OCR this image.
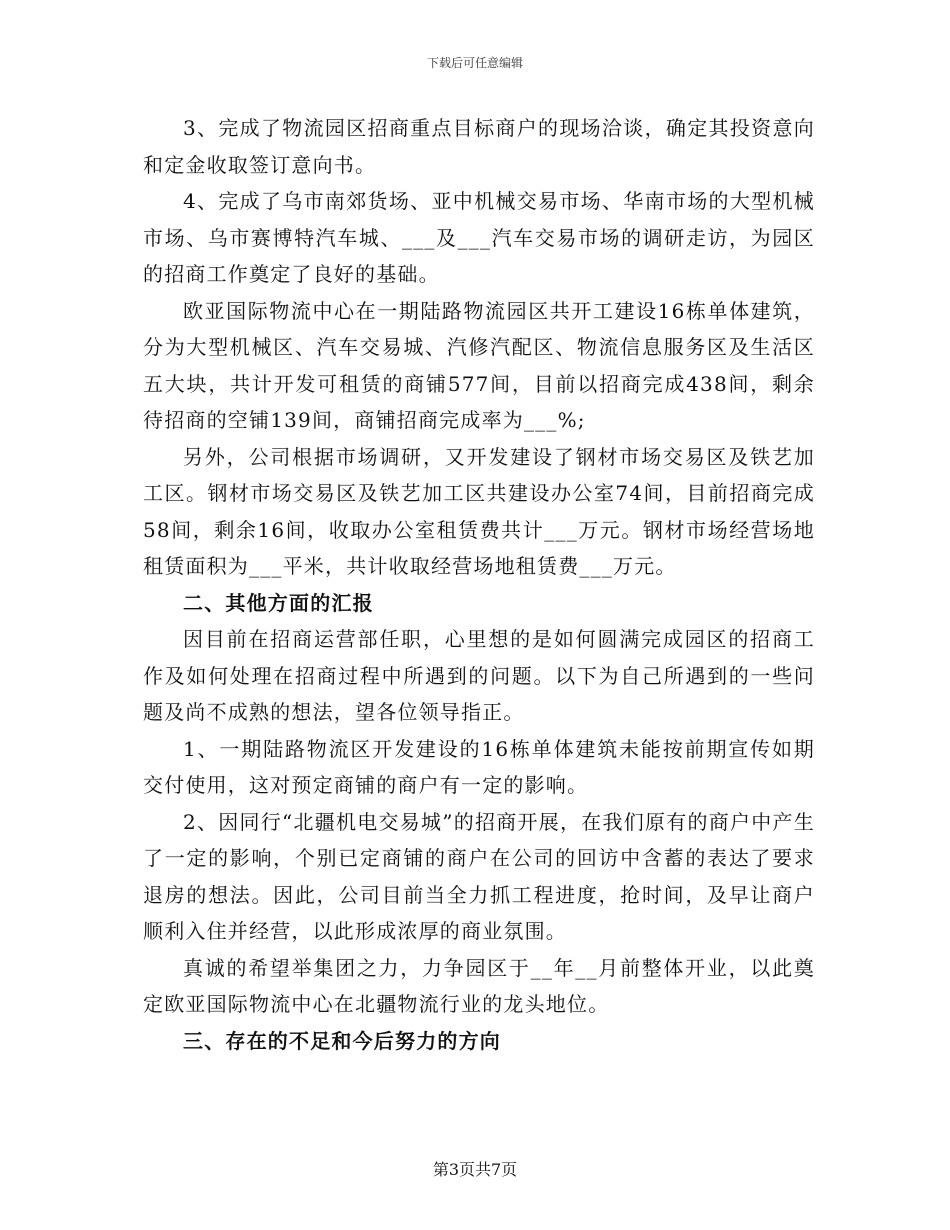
下载后可任意编辑

3、完成了物流园区招商重点目标商户的现场洽谈，确定其投资意向和定金收取签订意向书。

4、完成了乌市南郊货场、亚中机械交易市场、华南市场的大型机械市场、乌市赛博特汽车城、___及___汽车交易市场的调研走访，为园区的招商工作奠定了良好的基础。

欧亚国际物流中心在一期陆路物流园区共开工建设16栋单体建筑，分为大型机械区、汽车交易城、汽修汽配区、物流信息服务区及生活区五大块，共计开发可租赁的商铺577间，目前以招商完成438间，剩余待招商的空铺139间，商铺招商完成率为___%;

另外，公司根据市场调研，又开发建设了钢材市场交易区及铁艺加工区。钢材市场交易区及铁艺加工区共建设办公室74间，目前招商完成58间，剩余16间，收取办公室租赁费共计___万元。钢材市场经营场地租赁面积为___平米，共计收取经营场地租赁费___万元。

二、其他方面的汇报

因目前在招商运营部任职，心里想的是如何圆满完成园区的招商工作及如何处理在招商过程中所遇到的问题。以下为自己所遇到的一些问题及尚不成熟的想法，望各位领导指正。

1、一期陆路物流区开发建设的16栋单体建筑未能按前期宣传如期交付使用，这对预定商铺的商户有一定的影响。

2、因同行“北疆机电交易城”的招商开展，在我们原有的商户中产生了一定的影响，个别已定商铺的商户在公司的回访中含蓄的表达了要求退房的想法。因此，公司目前当全力抓工程进度，抢时间，及早让商户顺利入住并经营，以此形成浓厚的商业氛围。

真诚的希望举集团之力，力争园区于__年__月前整体开业，以此奠定欧亚国际物流中心在北疆物流行业的龙头地位。

三、存在的不足和今后努力的方向

第3页共7页
